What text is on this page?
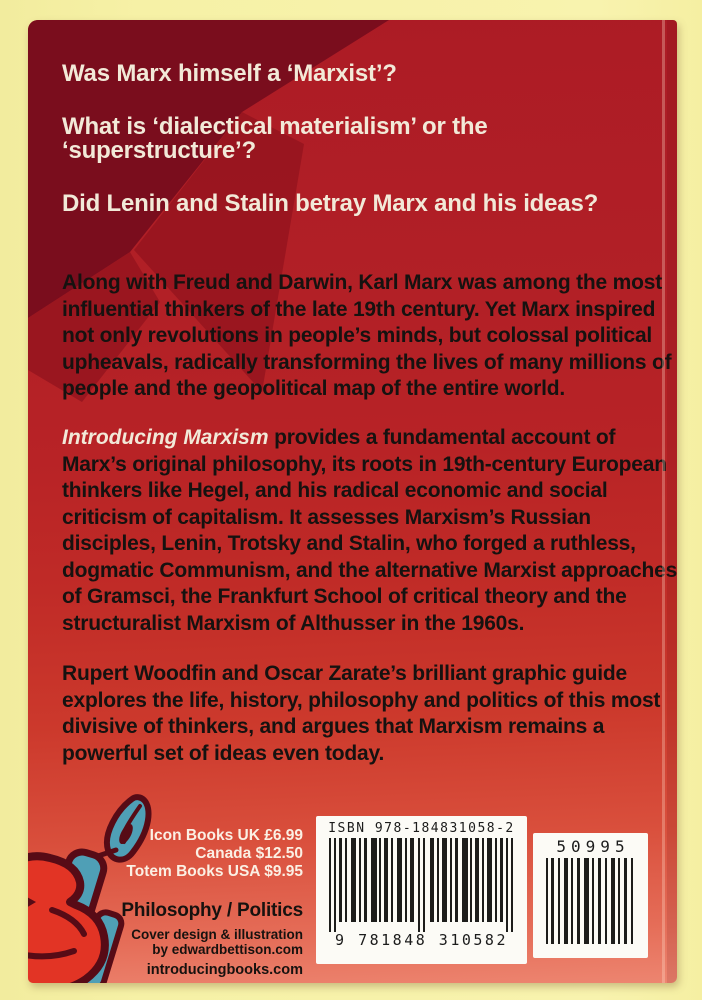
Was Marx himself a ‘Marxist’?
What is ‘dialectical materialism’ or the
‘superstructure’?
Did Lenin and Stalin betray Marx and his ideas?
Along with Freud and Darwin, Karl Marx was among the most
influential thinkers of the late 19th century. Yet Marx inspired
not only revolutions in people’s minds, but colossal political
upheavals, radically transforming the lives of many millions of
people and the geopolitical map of the entire world.
Introducing Marxism provides a fundamental account of
Marx’s original philosophy, its roots in 19th-century European
thinkers like Hegel, and his radical economic and social
criticism of capitalism. It assesses Marxism’s Russian
disciples, Lenin, Trotsky and Stalin, who forged a ruthless,
dogmatic Communism, and the alternative Marxist approaches
of Gramsci, the Frankfurt School of critical theory and the
structuralist Marxism of Althusser in the 1960s.
Rupert Woodfin and Oscar Zarate’s brilliant graphic guide
explores the life, history, philosophy and politics of this most
divisive of thinkers, and argues that Marxism remains a
powerful set of ideas even today.
Icon Books UK £6.99
Canada $12.50
Totem Books USA $9.95
Philosophy / Politics
Cover design & illustration
by edwardbettison.com
introducingbooks.com
ISBN 978-184831058-2
9 781848 310582
50995
